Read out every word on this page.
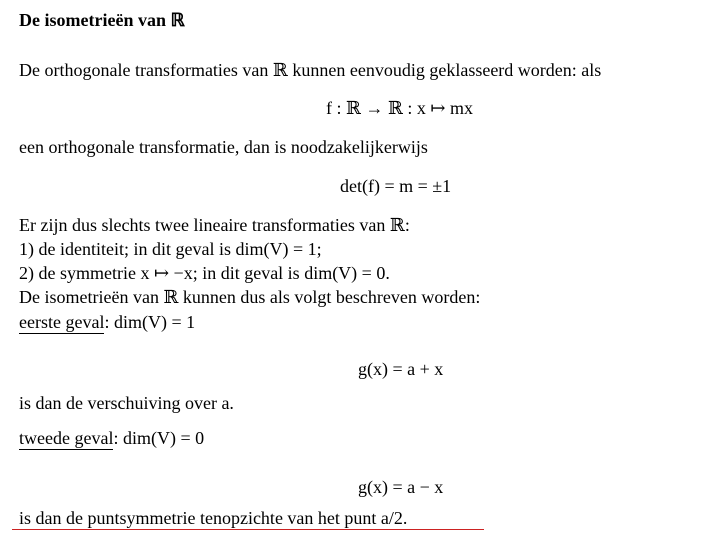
De isometrieën van ℝ
De orthogonale transformaties van ℝ kunnen eenvoudig geklasseerd worden: als
f : ℝ → ℝ : x ↦ mx
een orthogonale transformatie, dan is noodzakelijkerwijs
det(f) = m = ±1
Er zijn dus slechts twee lineaire transformaties van ℝ:
1) de identiteit; in dit geval is dim(V) = 1;
2) de symmetrie x ↦ −x; in dit geval is dim(V) = 0.
De isometrieën van ℝ kunnen dus als volgt beschreven worden:
eerste geval: dim(V) = 1
g(x) = a + x
is dan de verschuiving over a.
tweede geval: dim(V) = 0
g(x) = a − x
is dan de puntsymmetrie tenopzichte van het punt a/2.
